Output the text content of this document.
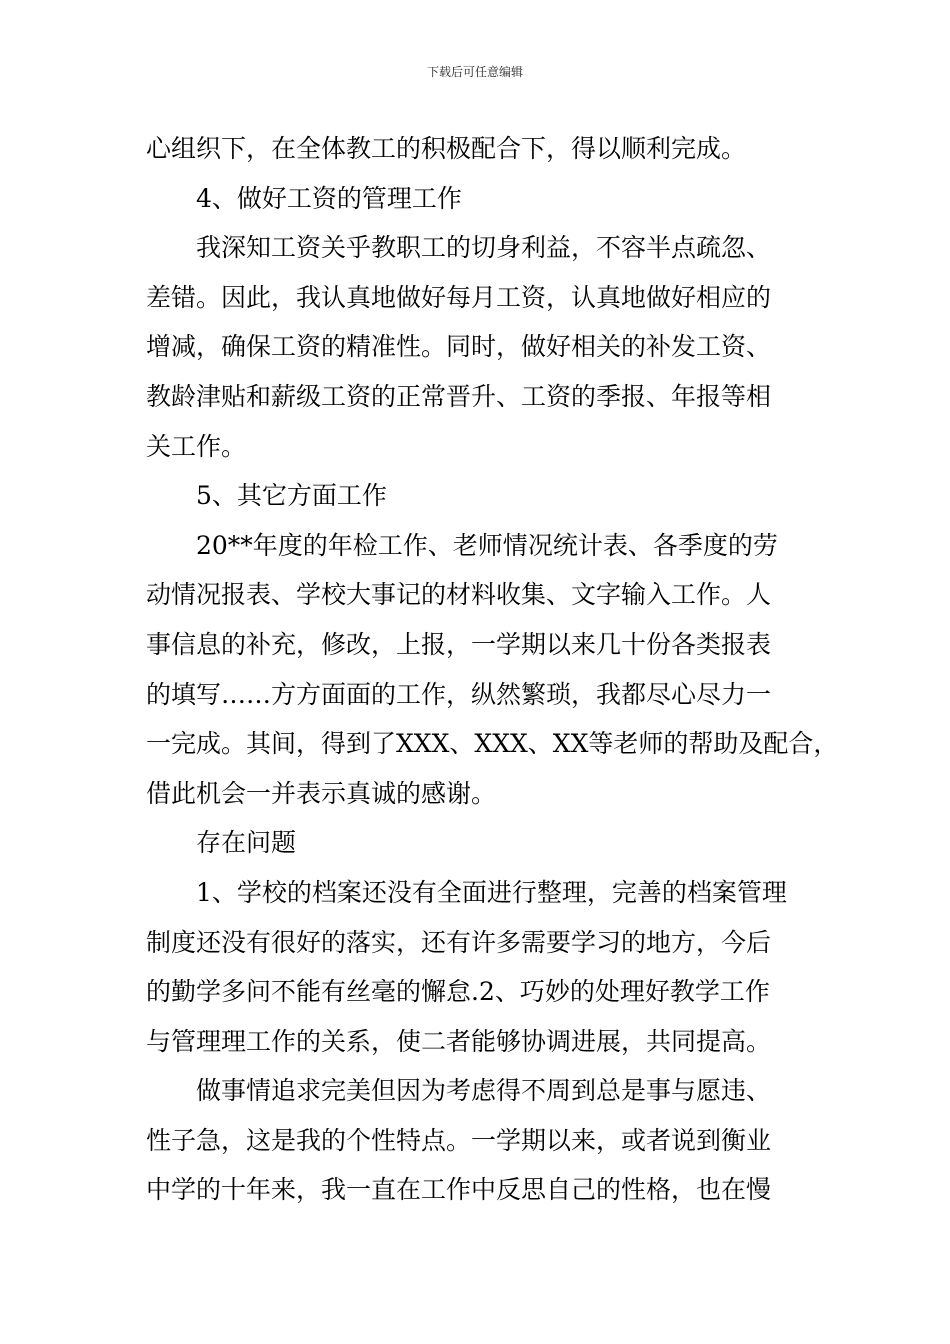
下载后可任意编辑
心组织下，在全体教工的积极配合下，得以顺利完成。
4、做好工资的管理工作
我深知工资关乎教职工的切身利益，不容半点疏忽、
差错。因此，我认真地做好每月工资，认真地做好相应的
增减，确保工资的精准性。同时，做好相关的补发工资、
教龄津贴和薪级工资的正常晋升、工资的季报、年报等相
关工作。
5、其它方面工作
20**年度的年检工作、老师情况统计表、各季度的劳
动情况报表、学校大事记的材料收集、文字输入工作。人
事信息的补充，修改，上报，一学期以来几十份各类报表
的填写……方方面面的工作，纵然繁琐，我都尽心尽力一
一完成。其间，得到了XXX、XXX、XX等老师的帮助及配合，
借此机会一并表示真诚的感谢。
存在问题
1、学校的档案还没有全面进行整理，完善的档案管理
制度还没有很好的落实，还有许多需要学习的地方，今后
的勤学多问不能有丝毫的懈怠.2、巧妙的处理好教学工作
与管理理工作的关系，使二者能够协调进展，共同提高。
做事情追求完美但因为考虑得不周到总是事与愿违、
性子急，这是我的个性特点。一学期以来，或者说到衡业
中学的十年来，我一直在工作中反思自己的性格，也在慢
